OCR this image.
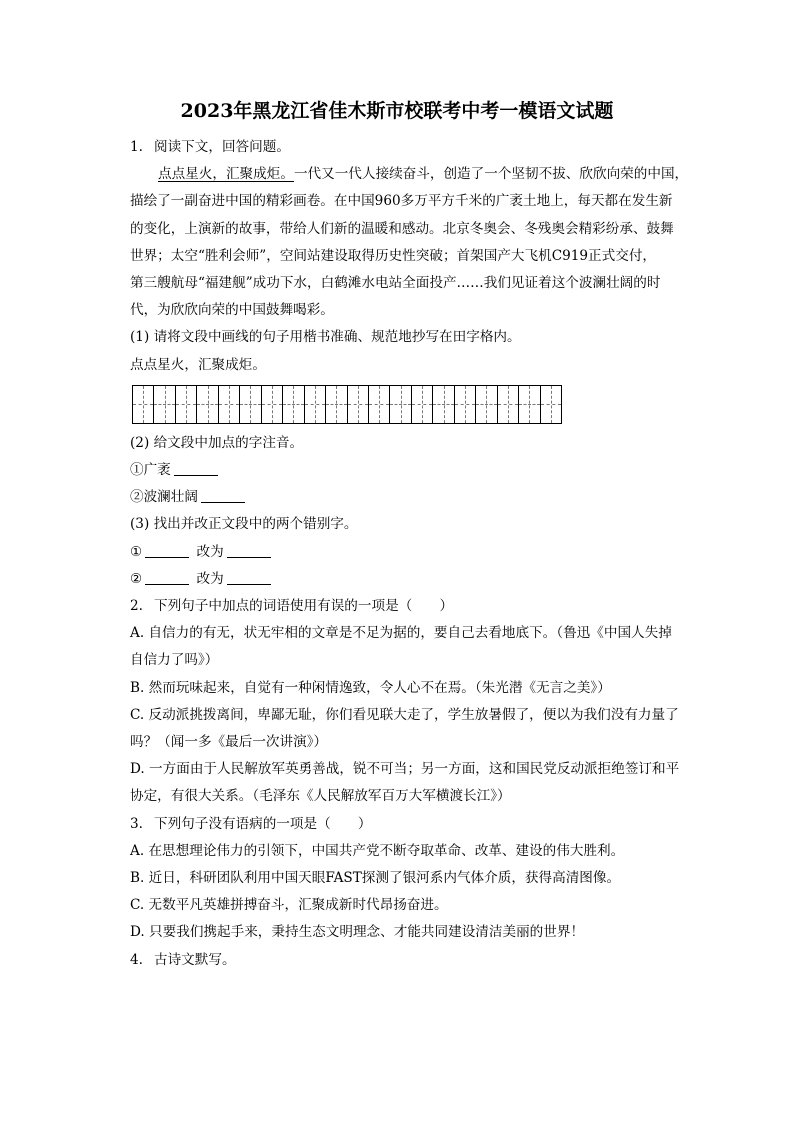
2023年黑龙江省佳木斯市校联考中考一模语文试题
1. 阅读下文，回答问题。
点点星火，汇聚成炬。一代又一代人接续奋斗，创造了一个坚韧不拔、欣欣向荣的中国，
描绘了一副奋进中国的精彩画卷。在中国960多万平方千米的广袤土地上，每天都在发生新
的变化，上演新的故事，带给人们新的温暖和感动。北京冬奥会、冬残奥会精彩纷承、鼓舞
世界；太空“胜利会师”，空间站建设取得历史性突破；首架国产大飞机C919正式交付，
第三艘航母“福建舰”成功下水，白鹤滩水电站全面投产……我们见证着这个波澜壮阔的时
代，为欣欣向荣的中国鼓舞喝彩。
(1) 请将文段中画线的句子用楷书准确、规范地抄写在田字格内。
点点星火，汇聚成炬。
(2) 给文段中加点的字注音。
①广袤
②波澜壮阔
(3) 找出并改正文段中的两个错别字。
①	改为
②	改为
2. 下列句子中加点的词语使用有误的一项是（　　）
A. 自信力的有无，状无牢相的文章是不足为据的，要自己去看地底下。（鲁迅《中国人失掉
自信力了吗》）
B. 然而玩味起来，自觉有一种闲情逸致，令人心不在焉。（朱光潜《无言之美》）
C. 反动派挑拨离间，卑鄙无耻，你们看见联大走了，学生放暑假了，便以为我们没有力量了
吗？（闻一多《最后一次讲演》）
D. 一方面由于人民解放军英勇善战，锐不可当；另一方面，这和国民党反动派拒绝签订和平
协定，有很大关系。（毛泽东《人民解放军百万大军横渡长江》）
3. 下列句子没有语病的一项是（　　）
A. 在思想理论伟力的引领下，中国共产党不断夺取革命、改革、建设的伟大胜利。
B. 近日，科研团队利用中国天眼FAST探测了银河系内气体介质，获得高清图像。
C. 无数平凡英雄拼搏奋斗，汇聚成新时代昂扬奋进。
D. 只要我们携起手来，秉持生态文明理念、才能共同建设清洁美丽的世界！
4. 古诗文默写。
